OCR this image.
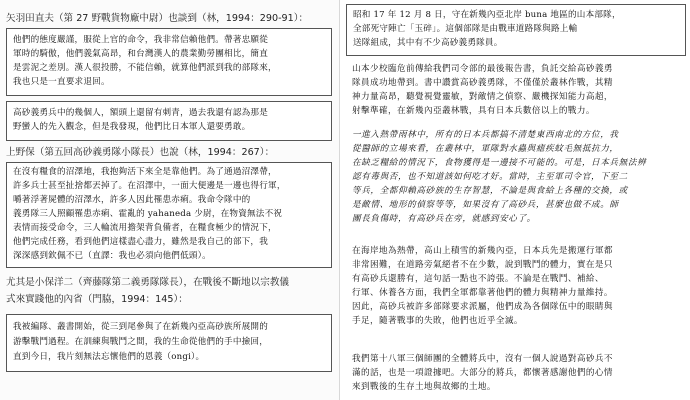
矢羽田直夫（第 27 野戰貨物廠中尉）也談到（林，1994：290-91）：
他們的態度嚴謹，服從上官的命令，我非常信賴他們。帶著忠願從
軍時的騎傲，他們義氣高昂，和台灣漢人的農業勤勞團相比，簡直
是雲泥之差別。漢人很投勝，不能信賴，就算他們派到我的部隊來，
我也只是一直要求退回。
高砂義勇兵中的幾個人，額頭上還留有刺青，過去我還有認為那是
野蠻人的先入觀念，但是我發現，他們比日本軍人還要勇敢。
上野保（第五回高砂義勇隊小隊長）也說（林，1994：267）：
在沒有糧食的沼澤地，我抱夠活下來全是靠他們。為了通過沼澤帶，
許多兵士甚至扯捨都丟掉了。在沼澤中，一面大便邊是一邊也得行軍，
嚼著浮著屍體的沼澤水，許多人因此罹患赤痢。我命令隊中的
義勇隊三人照顧罹患赤痢、霍亂的 yahaneda 少尉，在物資無法不祝
表情而接受命令，三人輪流用擔架背負備者，在糧食極少的情況下，
他們完成任務，看到他們這樣盡心盡力，雖然是我自己的部下，我
深深感到欽佩不已（直譯：我也必須向他們低頭）。
尤其是小保洋二（齊藤隊第二義勇隊隊長），在戰後不斷地以宗教儀
式來實踐他的內省（門脇，1994：145）：
我被編隊、叢書開始，從三到尾參與了在新幾內亞高砂族所展開的
游擊戰鬥過程。在訓練與戰鬥之間，我的生命從他們的手中撿回，
直到今日，我片刻無法忘懷他們的恩義（ongi）。
昭和 17 年 12 月 8 日，守在新幾內亞北岸 buna 地區的山本部隊，
全部死守陣亡「玉碎」。這個部隊是由戰車道路隊與路上輸
送隊組成，其中有不少高砂義勇隊員。
山本少校臨危前傳給我們司令部的最後報告書，負託交給高砂義勇
隊員成功地帶到。書中讚賞高砂義勇隊，不僅僅於叢林作戰，其精
神力量高昂，聽覺視覺靈敏，對敵情之偵察、嚴機探知能力高超，
射擊準確，在新幾內亞叢林戰，具有日本兵數倍以上的戰力。
一進入熱帶雨林中，所有的日本兵都搞不清楚東西南北的方位，我
從醫師的立場來看，在叢林中，軍隊對水蟲與瘧疾蚊毛無抵抗力，
在缺乏糧給的情況下，食物獲得是一邊接不可能的。可是，日本兵無法辨
認有毒與否，也不知道該如何吃才好。當時，主至軍司令官，下至二
等兵，全都仰賴高砂族的生存智慧，不論是與食給上各種的交換，或
是敵情、地形的偵察等等，如果沒有了高砂兵，甚麼也做不成。師
團長負傷時，有高砂兵在旁，就感到安心了。
在海岸地為熱帶，高山上積雪的新幾內亞，日本兵先是搬運行軍都
非常困難，在道路旁氣絕者不在少數，說到戰鬥的體力，實在是只
有高砂兵還勝有，這句話一點也不誇張。不論是在戰鬥、補給、
行軍、休養各方面，我們全軍都靠著他們的體力與精神力量維持。
因此，高砂兵被許多部隊要求派屬，他們成為各個隊伍中的眼睛與
手足，隨著戰事的失敗，他們也近乎全滅。
我們第十八軍三個師團的全體將兵中，沒有一個人說過對高砂兵不
滿的話，也是一項證據吧。大部分的將兵，都懷著感謝他們的心情
來到戰後的生存土地與故鄉的土地。
